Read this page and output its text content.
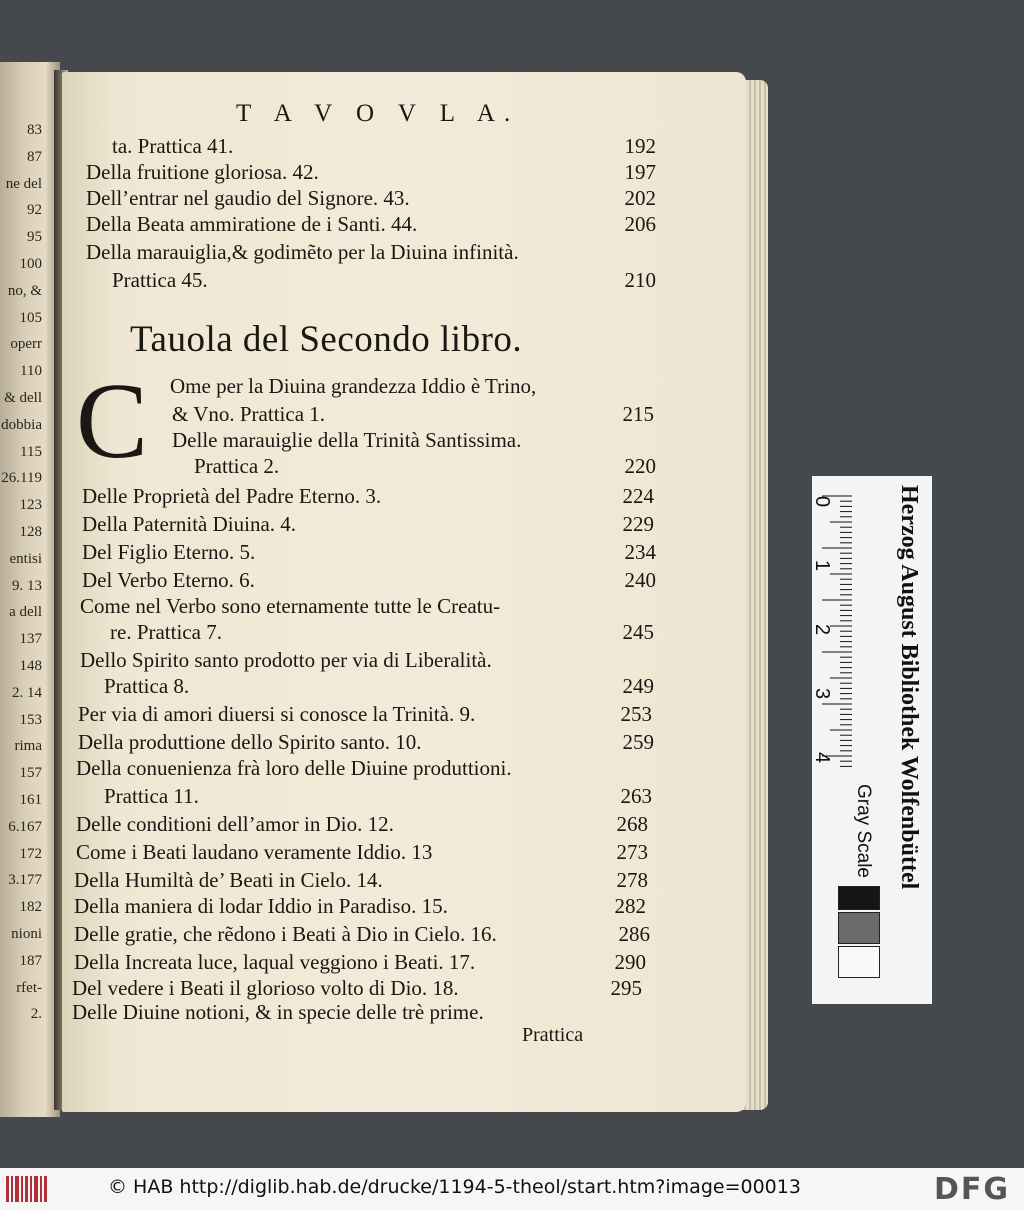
83
87
ne del
92
95
100
no, &
105
operr
110
& dell
dobbia
115
26.119
123
128
entisi
9. 13
a dell
137
148
2. 14
153
rima
157
161
6.167
172
3.177
182
nioni
187
rfet-
2.
T A V O V L A.
ta. Prattica 41.	192
Della fruitione gloriosa. 42.	197
Dell’entrar nel gaudio del Signore. 43.	202
Della Beata ammiratione de i Santi. 44.	206
Della marauiglia,& godimẽto per la Diuina infinità.
Prattica 45.	210
Tauola del Secondo libro.
C Ome per la Diuina grandezza Iddio è Trino,
& Vno. Prattica 1.	215
Delle marauiglie della Trinità Santissima.
Prattica 2.	220
Delle Proprietà del Padre Eterno. 3.	224
Della Paternità Diuina. 4.	229
Del Figlio Eterno. 5.	234
Del Verbo Eterno. 6.	240
Come nel Verbo sono eternamente tutte le Creatu-
re. Prattica 7.	245
Dello Spirito santo prodotto per via di Liberalità.
Prattica 8.	249
Per via di amori diuersi si conosce la Trinità. 9.	253
Della produttione dello Spirito santo. 10.	259
Della conuenienza frà loro delle Diuine produttioni.
Prattica 11.	263
Delle conditioni dell’amor in Dio. 12.	268
Come i Beati laudano veramente Iddio. 13	273
Della Humiltà de’ Beati in Cielo. 14.	278
Della maniera di lodar Iddio in Paradiso. 15.	282
Delle gratie, che rẽdono i Beati à Dio in Cielo. 16.	286
Della Increata luce, laqual veggiono i Beati. 17.	290
Del vedere i Beati il glorioso volto di Dio. 18.	295
Delle Diuine notioni, & in specie delle trè prime.
Prattica
0
1
2
3
4	Herzog August Bibliothek Wolfenbüttel
Gray Scale
© HAB http://diglib.hab.de/drucke/1194-5-theol/start.htm?image=00013	DFG
